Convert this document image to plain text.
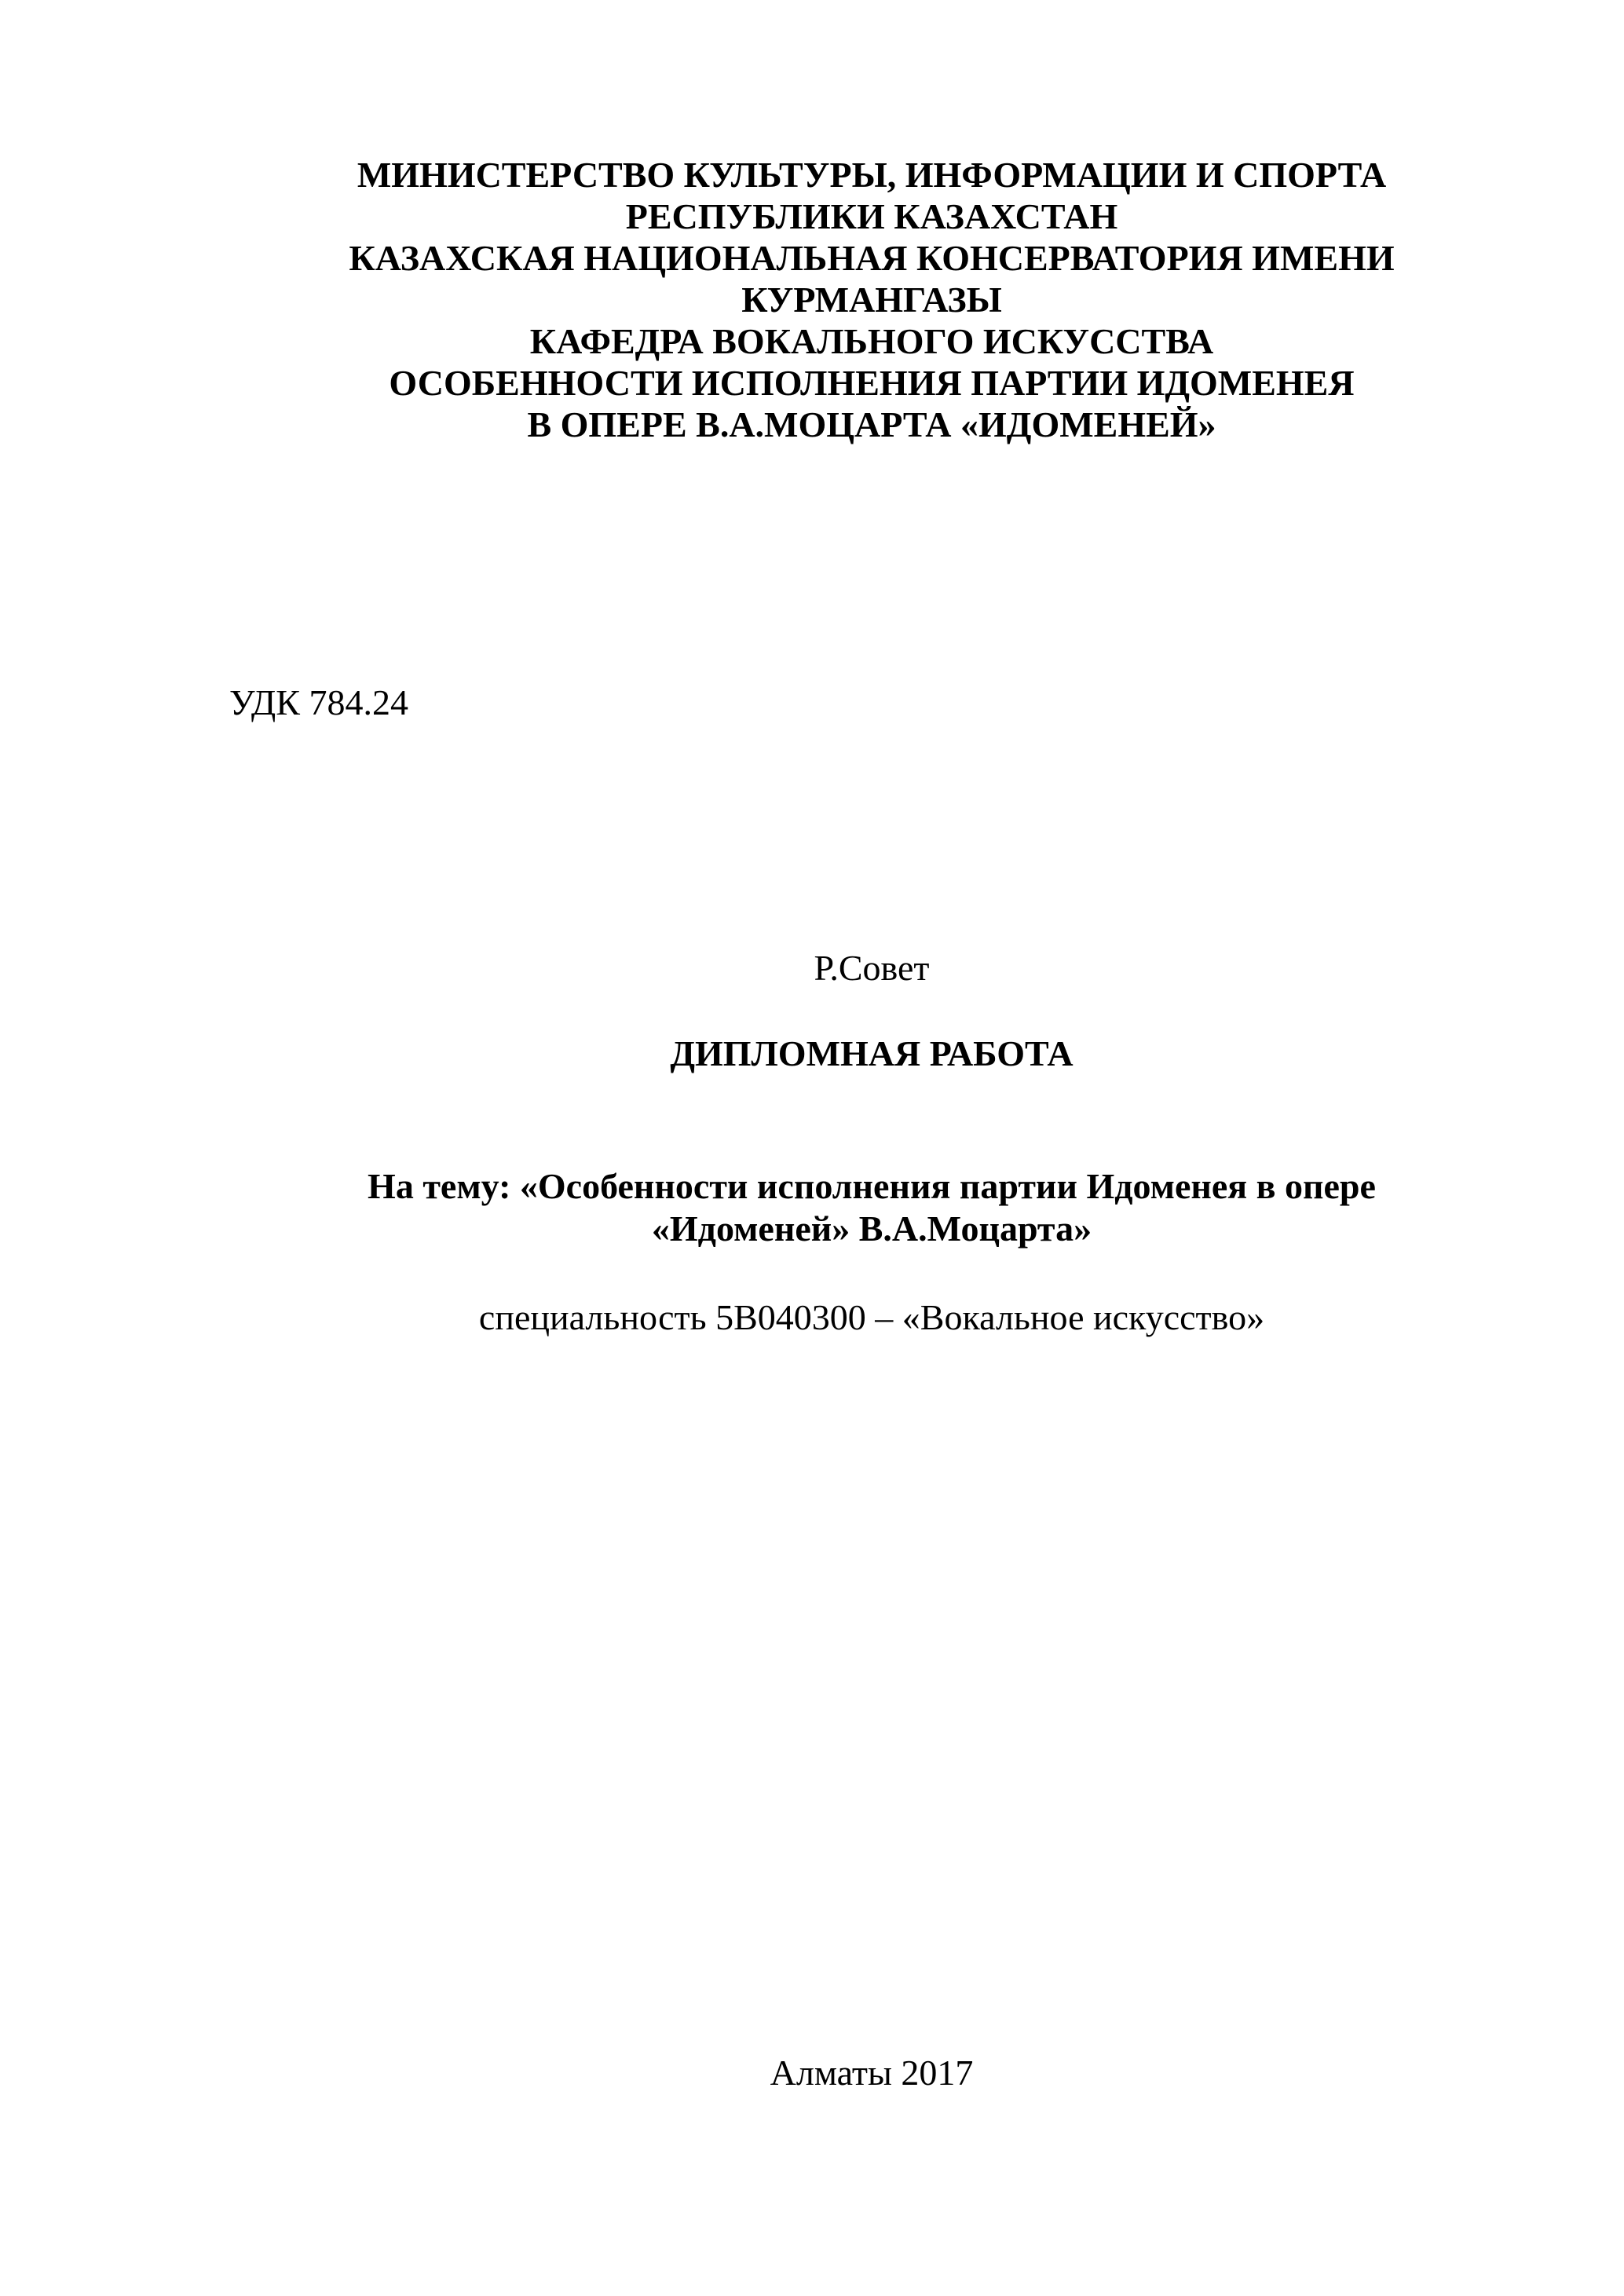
МИНИСТЕРСТВО КУЛЬТУРЫ, ИНФОРМАЦИИ И СПОРТА
РЕСПУБЛИКИ КАЗАХСТАН
КАЗАХСКАЯ НАЦИОНАЛЬНАЯ КОНСЕРВАТОРИЯ ИМЕНИ
КУРМАНГАЗЫ
КАФЕДРА ВОКАЛЬНОГО ИСКУССТВА
ОСОБЕННОСТИ ИСПОЛНЕНИЯ ПАРТИИ ИДОМЕНЕЯ
В ОПЕРЕ В.А.МОЦАРТА «ИДОМЕНЕЙ»
УДК 784.24
Р.Совет
ДИПЛОМНАЯ РАБОТА
На тему: «Особенности исполнения партии Идоменея в опере
«Идоменей» В.А.Моцарта»
специальность 5В040300 – «Вокальное искусство»
Алматы 2017
